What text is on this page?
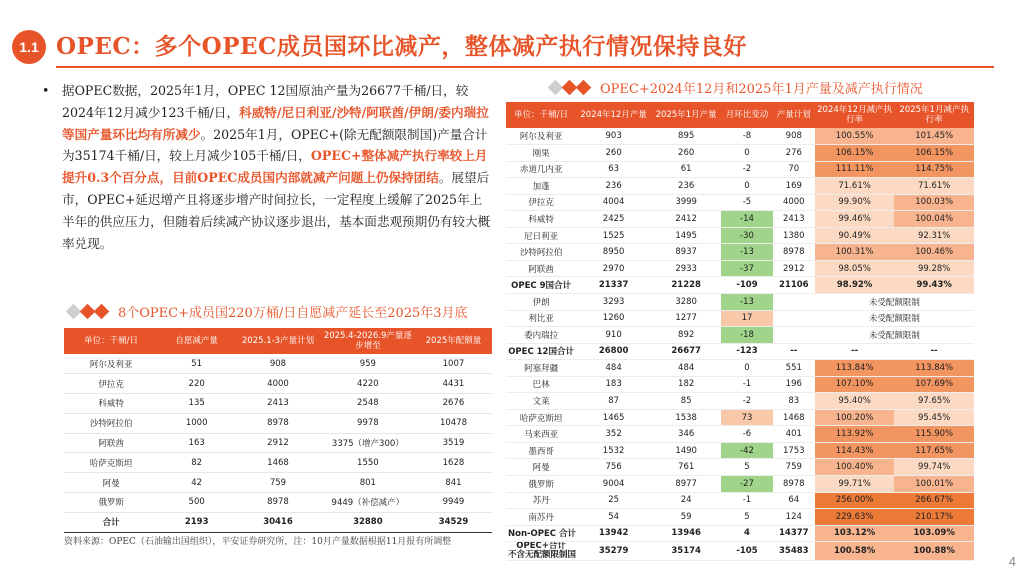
1.1 OPEC：多个OPEC成员国环比减产，整体减产执行情况保持良好
• 据OPEC数据，2025年1月，OPEC 12国原油产量为26677千桶/日，较2024年12月减少123千桶/日，科威特/尼日利亚/沙特/阿联酋/伊朗/委内瑞拉等国产量环比均有所减少。2025年1月，OPEC+(除无配额限制国)产量合计为35174千桶/日，较上月减少105千桶/日，OPEC+整体减产执行率较上月提升0.3个百分点，目前OPEC成员国内部就减产问题上仍保持团结。展望后市，OPEC+延迟增产且将逐步增产时间拉长，一定程度上缓解了2025年上半年的供应压力，但随着后续减产协议逐步退出，基本面悲观预期仍有较大概率兑现。
OPEC+2024年12月和2025年1月产量及减产执行情况
8个OPEC+成员国220万桶/日自愿减产延长至2025年3月底
单位：千桶/日	自愿减产量	2025.1-3产量计划	2025.4-2026.9产量逐步增至	2025年配额量
阿尔及利亚	51	908	959	1007
伊拉克	220	4000	4220	4431
科威特	135	2413	2548	2676
沙特阿拉伯	1000	8978	9978	10478
阿联酋	163	2912	3375（增产300）	3519
哈萨克斯坦	82	1468	1550	1628
阿曼	42	759	801	841
俄罗斯	500	8978	9449（补偿减产）	9949
合计	2193	30416	32880	34529
单位：千桶/日	2024年12月产量	2025年1月产量	月环比变动	产量计划	2024年12月减产执行率	2025年1月减产执行率
阿尔及利亚	903	895	-8	908	100.55%	101.45%
刚果	260	260	0	276	106.15%	106.15%
赤道几内亚	63	61	-2	70	111.11%	114.75%
加蓬	236	236	0	169	71.61%	71.61%
伊拉克	4004	3999	-5	4000	99.90%	100.03%
科威特	2425	2412	-14	2413	99.46%	100.04%
尼日利亚	1525	1495	-30	1380	90.49%	92.31%
沙特阿拉伯	8950	8937	-13	8978	100.31%	100.46%
阿联酋	2970	2933	-37	2912	98.05%	99.28%
OPEC 9国合计	21337	21228	-109	21106	98.92%	99.43%
伊朗	3293	3280	-13		未受配额限制	
利比亚	1260	1277	17		未受配额限制	
委内瑞拉	910	892	-18		未受配额限制	
OPEC 12国合计	26800	26677	-123	--	--	--
阿塞拜疆	484	484	0	551	113.84%	113.84%
巴林	183	182	-1	196	107.10%	107.69%
文莱	87	85	-2	83	95.40%	97.65%
哈萨克斯坦	1465	1538	73	1468	100.20%	95.45%
马来西亚	352	346	-6	401	113.92%	115.90%
墨西哥	1532	1490	-42	1753	114.43%	117.65%
阿曼	756	761	5	759	100.40%	99.74%
俄罗斯	9004	8977	-27	8978	99.71%	100.01%
苏丹	25	24	-1	64	256.00%	266.67%
南苏丹	54	59	5	124	229.63%	210.17%
Non-OPEC 合计	13942	13946	4	14377	103.12%	103.09%

OPEC+合计
不含无配额限制国	35279	35174	-105	35483	100.58%	100.88%
资料来源：OPEC（石油输出国组织），平安证券研究所，注：10月产量数据根据11月报有所调整
4
